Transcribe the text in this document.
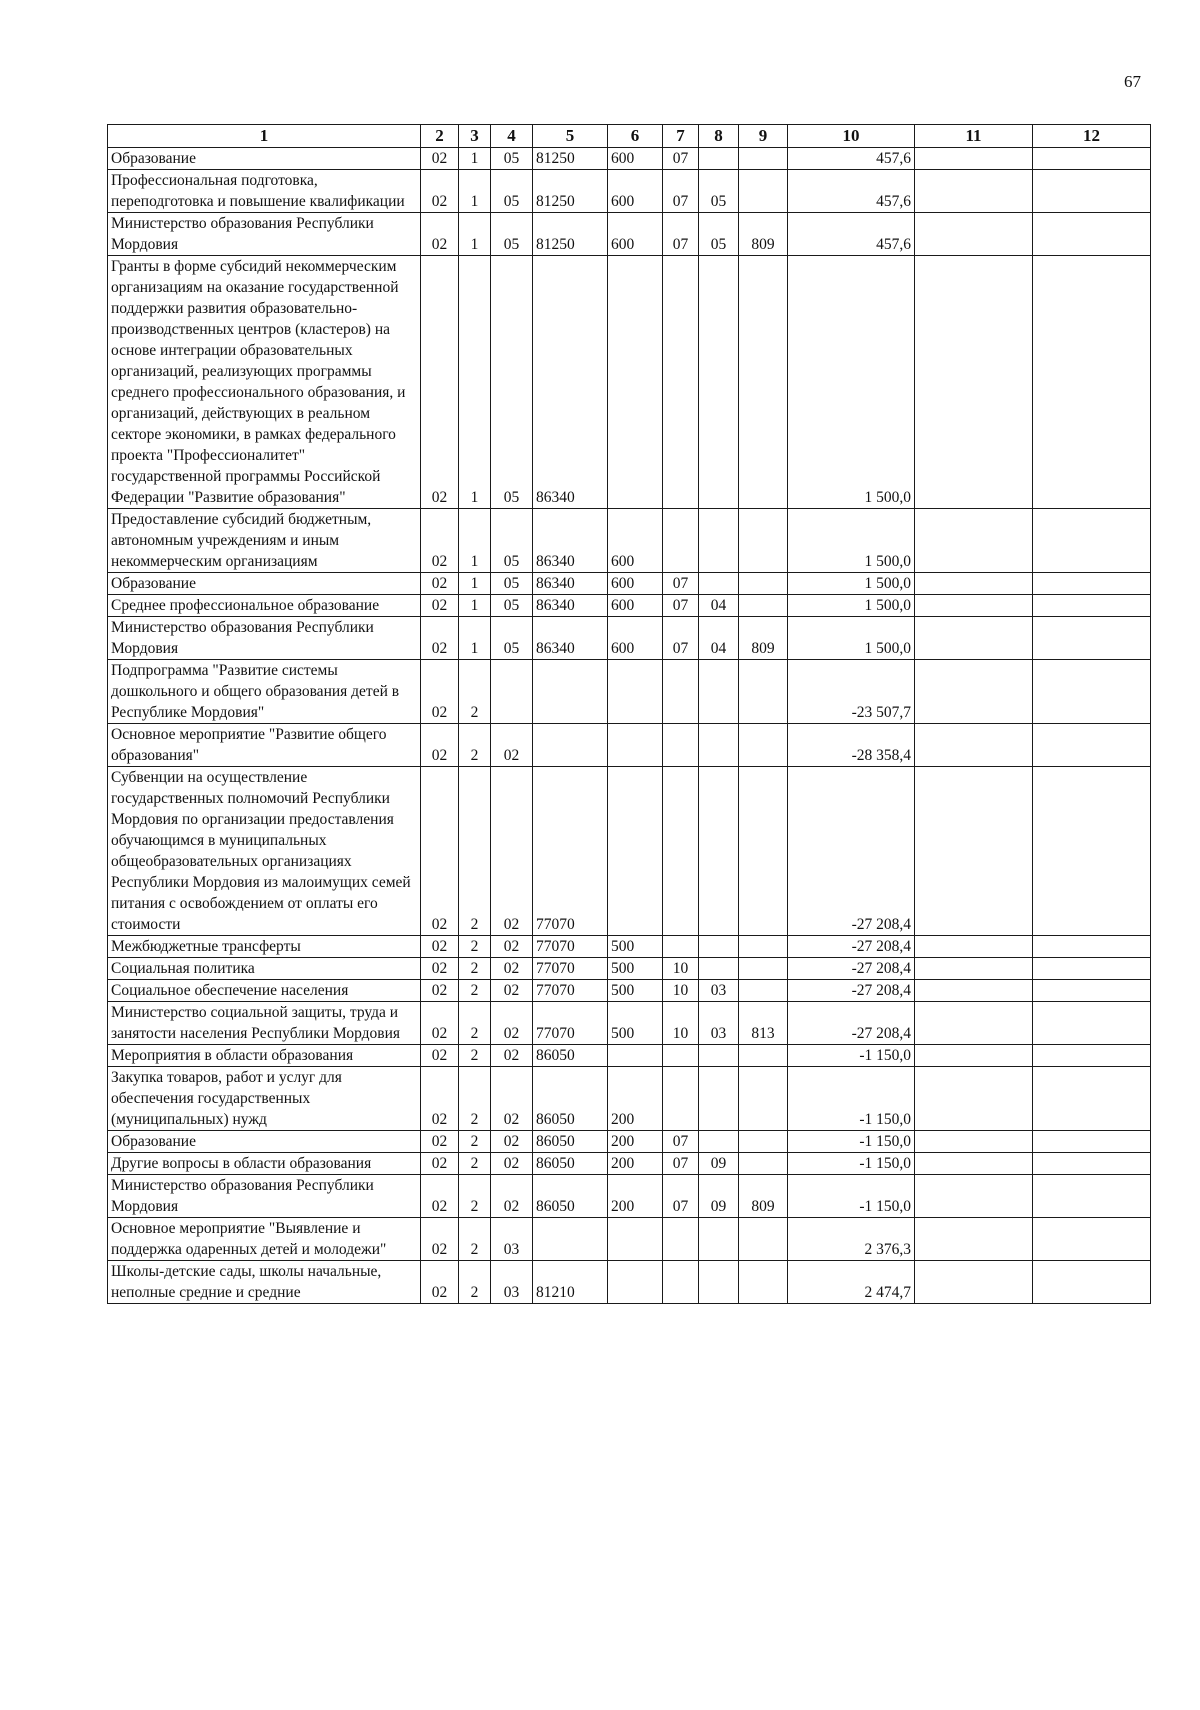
67
1	2	3	4	5	6	7	8	9	10	11	12
Образование	02	1	05	81250	600	07			457,6		
Профессиональная подготовка, переподготовка и повышение квалификации	02	1	05	81250	600	07	05		457,6		
Министерство образования Республики Мордовия	02	1	05	81250	600	07	05	809	457,6		
Гранты в форме субсидий некоммерческим организациям на оказание государственной поддержки развития образовательно-производственных центров (кластеров) на основе интеграции образовательных организаций, реализующих программы среднего профессионального образования, и организаций, действующих в реальном секторе экономики, в рамках федерального проекта "Профессионалитет" государственной программы Российской Федерации "Развитие образования"	02	1	05	86340					1 500,0		
Предоставление субсидий бюджетным, автономным учреждениям и иным некоммерческим организациям	02	1	05	86340	600				1 500,0		
Образование	02	1	05	86340	600	07			1 500,0		
Среднее профессиональное образование	02	1	05	86340	600	07	04		1 500,0		
Министерство образования Республики Мордовия	02	1	05	86340	600	07	04	809	1 500,0		
Подпрограмма "Развитие системы дошкольного и общего образования детей в Республике Мордовия"	02	2							-23 507,7		
Основное мероприятие "Развитие общего образования"	02	2	02						-28 358,4		
Субвенции на осуществление государственных полномочий Республики Мордовия по организации предоставления обучающимся в муниципальных общеобразовательных организациях Республики Мордовия из малоимущих семей питания с освобождением от оплаты его стоимости	02	2	02	77070					-27 208,4		
Межбюджетные трансферты	02	2	02	77070	500				-27 208,4		
Социальная политика	02	2	02	77070	500	10			-27 208,4		
Социальное обеспечение населения	02	2	02	77070	500	10	03		-27 208,4		
Министерство социальной защиты, труда и занятости населения Республики Мордовия	02	2	02	77070	500	10	03	813	-27 208,4		
Мероприятия в области образования	02	2	02	86050					-1 150,0		
Закупка товаров, работ и услуг для обеспечения государственных (муниципальных) нужд	02	2	02	86050	200				-1 150,0		
Образование	02	2	02	86050	200	07			-1 150,0		
Другие вопросы в области образования	02	2	02	86050	200	07	09		-1 150,0		
Министерство образования Республики Мордовия	02	2	02	86050	200	07	09	809	-1 150,0		
Основное мероприятие "Выявление и поддержка одаренных детей и молодежи"	02	2	03						2 376,3		
Школы-детские сады, школы начальные, неполные средние и средние	02	2	03	81210					2 474,7		
